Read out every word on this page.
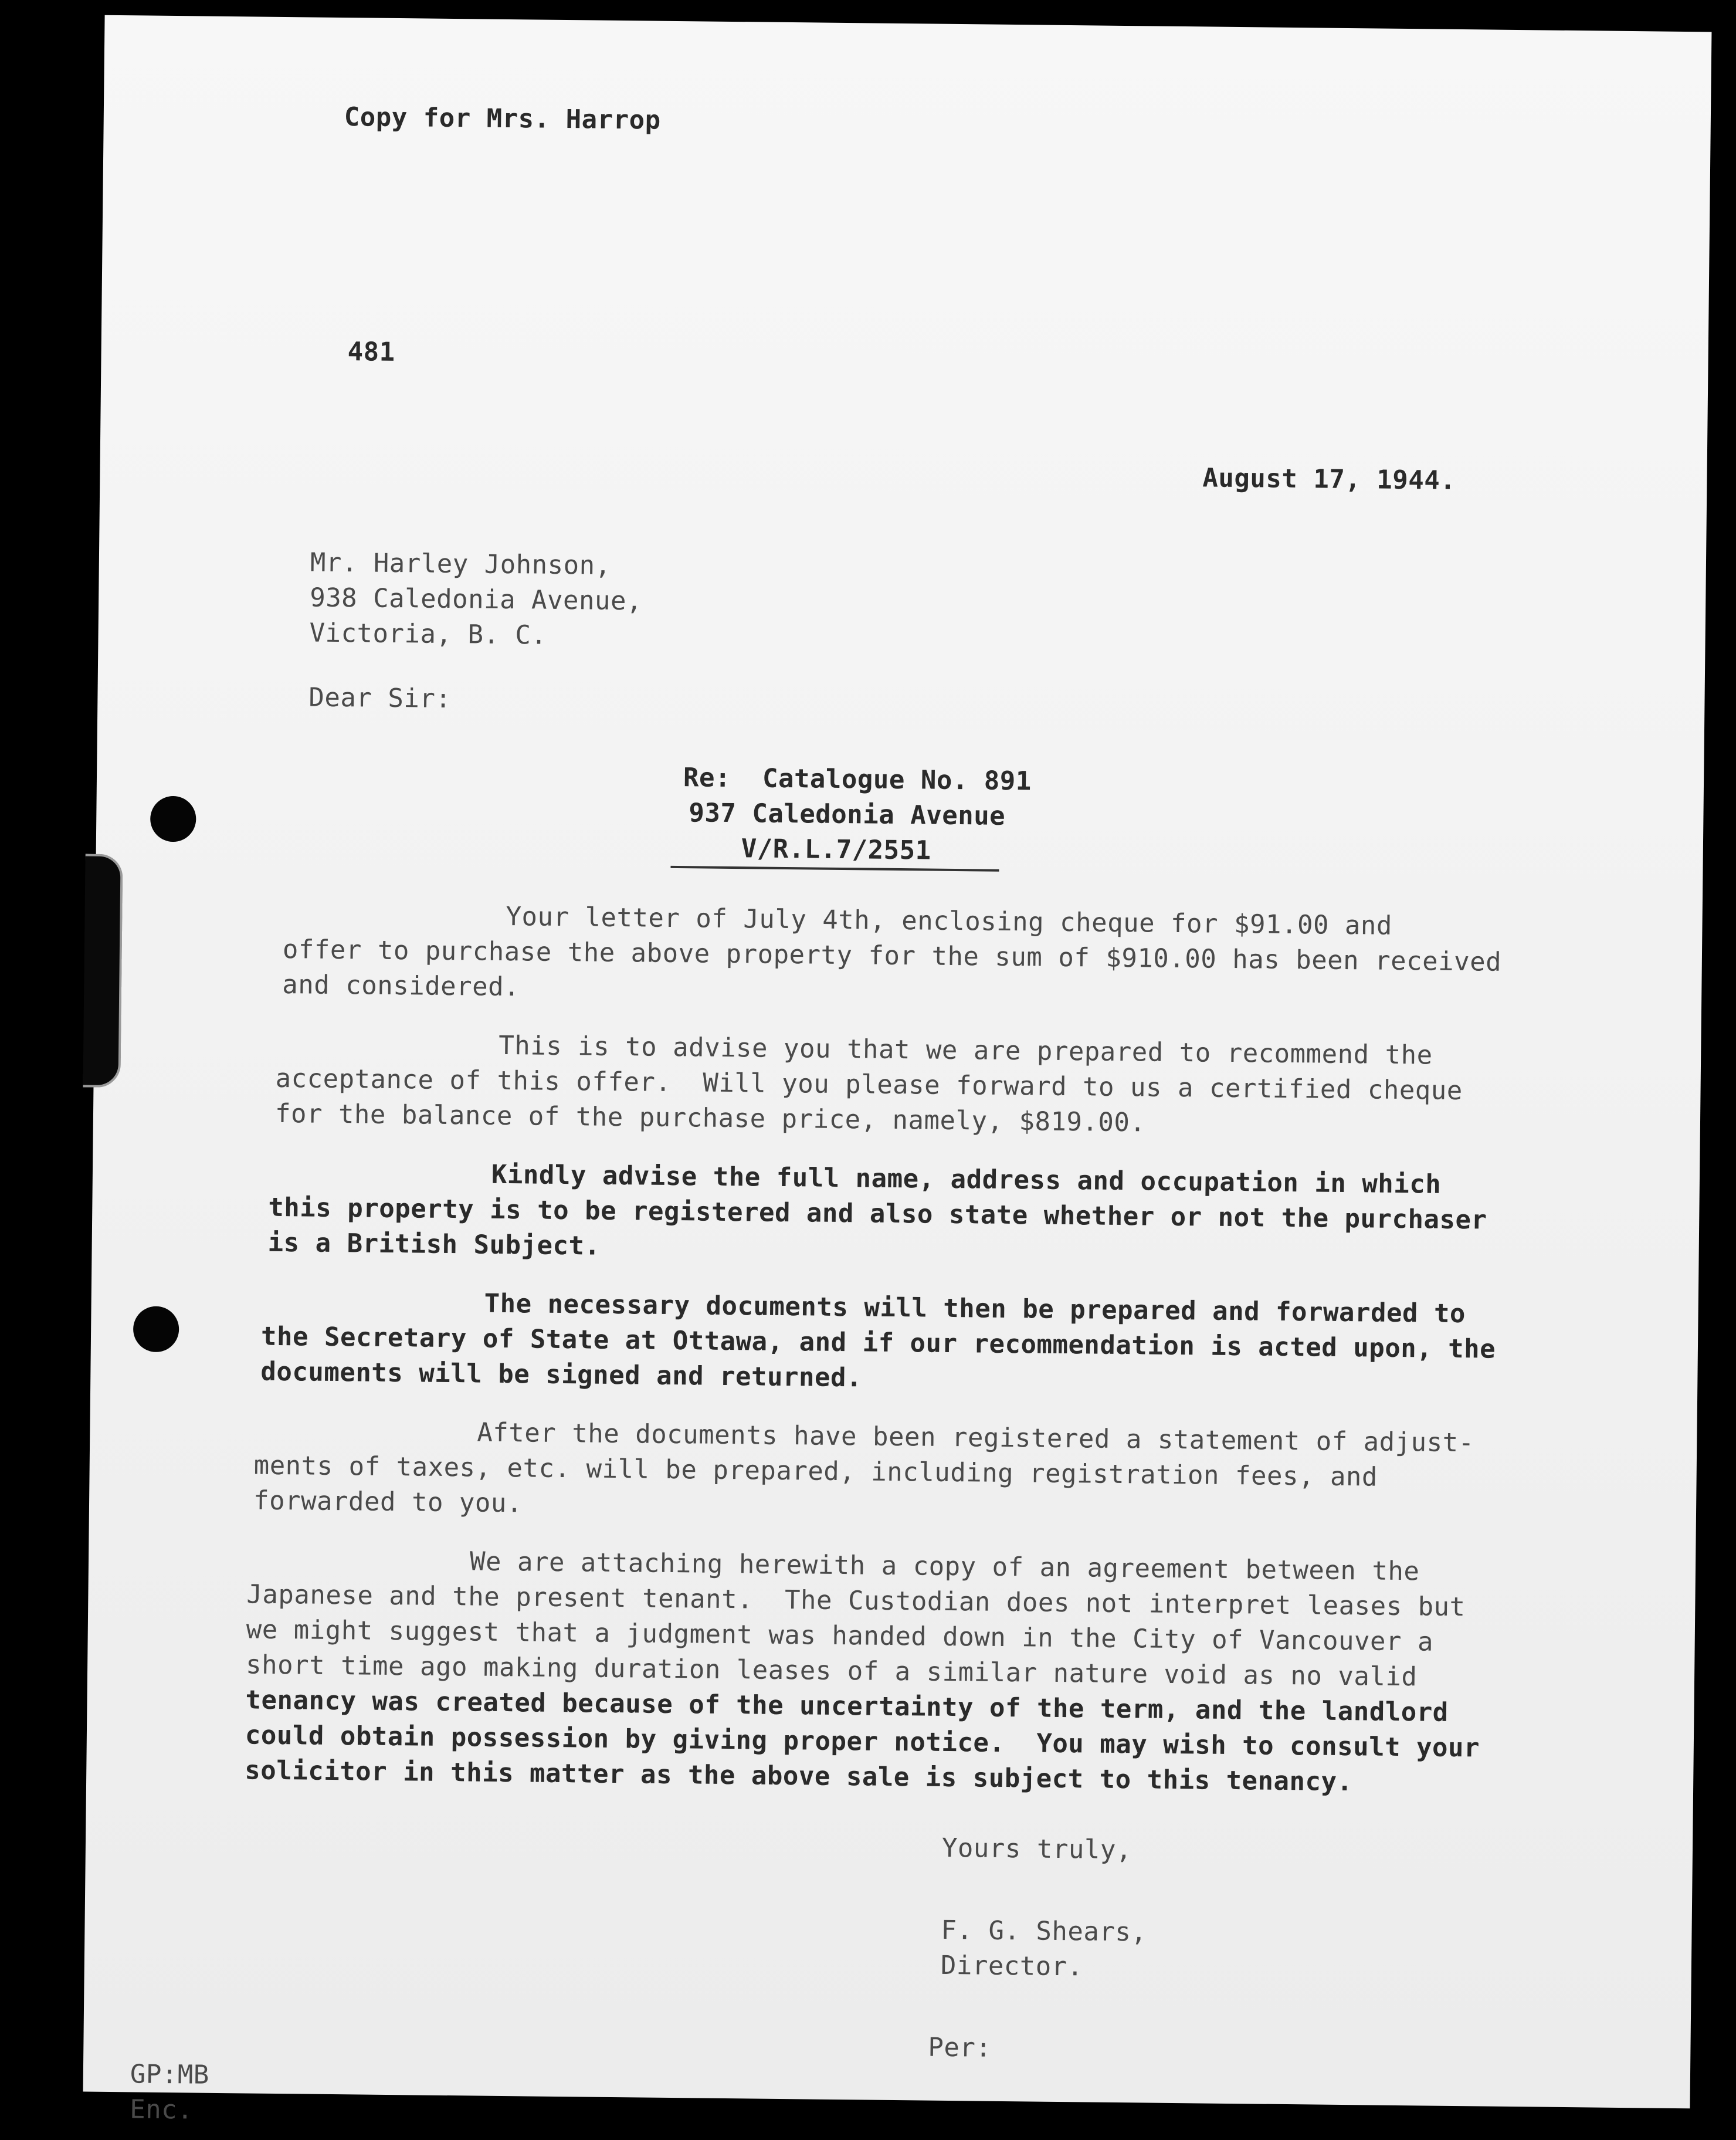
Copy for Mrs. Harrop
481
August 17, 1944.
Mr. Harley Johnson,
938 Caledonia Avenue,
Victoria, B. C.
Dear Sir:
Re:  Catalogue No. 891
937 Caledonia Avenue
V/R.L.7/2551
Your letter of July 4th, enclosing cheque for $91.00 and
offer to purchase the above property for the sum of $910.00 has been received
and considered.
This is to advise you that we are prepared to recommend the
acceptance of this offer.  Will you please forward to us a certified cheque
for the balance of the purchase price, namely, $819.00.
Kindly advise the full name, address and occupation in which
this property is to be registered and also state whether or not the purchaser
is a British Subject.
The necessary documents will then be prepared and forwarded to
the Secretary of State at Ottawa, and if our recommendation is acted upon, the
documents will be signed and returned.
After the documents have been registered a statement of adjust-
ments of taxes, etc. will be prepared, including registration fees, and
forwarded to you.
We are attaching herewith a copy of an agreement between the
Japanese and the present tenant.  The Custodian does not interpret leases but
we might suggest that a judgment was handed down in the City of Vancouver a
short time ago making duration leases of a similar nature void as no valid
tenancy was created because of the uncertainty of the term, and the landlord
could obtain possession by giving proper notice.  You may wish to consult your
solicitor in this matter as the above sale is subject to this tenancy.
Yours truly,
F. G. Shears,
Director.
Per:
GP:MB
Enc.
